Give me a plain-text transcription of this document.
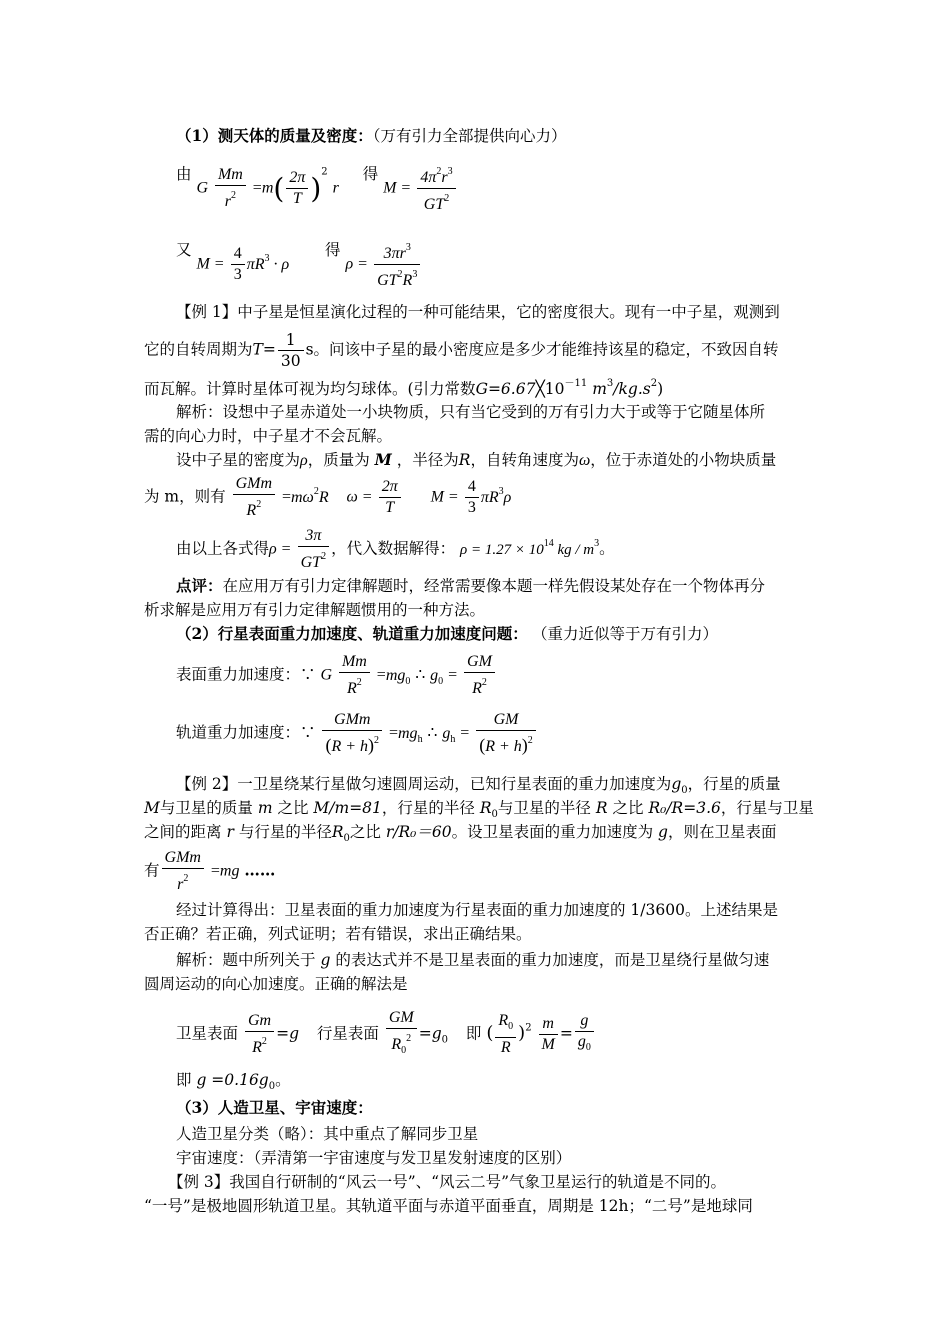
（1）测天体的质量及密度：（万有引力全部提供向心力）
由 G $\frac{Mm}{r^2} =m( \frac{2\pi}{T} )^2$ r  得 $M = \frac{4\pi^2r^3}{GT^2}$
又 $M = \frac{4}{3} \pi R^3 \cdot \rho$  得 $\rho = \frac{3\pi r^3}{GT^2R^3}$
【例 1】中子星是恒星演化过程的一种可能结果，它的密度很大。现有一中子星，观测到
它的自转周期为$T= \frac{1}{30}$ s。问该中子星的最小密度应是多少才能维持该星的稳定，不致因自转
而瓦解。计算时星体可视为均匀球体。(引力常数$G=6.67╳10^{-11}$ $m^3/kg.s^2$)
解析：设想中子星赤道处一小块物质，只有当它受到的万有引力大于或等于它随星体所
需的向心力时，中子星才不会瓦解。
设中子星的密度为ρ，质量为 M ，半径为R，自转角速度为ω，位于赤道处的小物块质量
为 m，则有 $\frac{\text{GMm}}{R^2} =m\omega^2R$ $\omega = \frac{2\pi}{T}$ $M = \frac{4}{3} \pi R^3\rho$
由以上各式得$\rho = \frac{3\pi}{GT^2}$ ，代入数据解得： $\rho = 1.27 \times 10^{14}$ kg / $m^3$。
点评：在应用万有引力定律解题时，经常需要像本题一样先假设某处存在一个物体再分
析求解是应用万有引力定律解题惯用的一种方法。
（2）行星表面重力加速度、轨道重力加速度问题： （重力近似等于万有引力）
表面重力加速度：∵ G $\frac{Mm}{R^2} =mg_0$ ∴ $g_0 = \frac{GM}{R^2}$
轨道重力加速度：∵ $\frac{\text{GMm}}{(R + h)^2} =mg_h$ ∴ $g_h = \frac{GM}{(R + h)^2}$
【例 2】一卫星绕某行星做匀速圆周运动，已知行星表面的重力加速度为$g_0$，行星的质量
M与卫星的质量 m 之比 M/m=81，行星的半径 $R_0$与卫星的半径 R 之比 R₀/R=3.6，行星与卫星
之间的距离 r 与行星的半径$R_0$之比 r/R₀＝60。设卫星表面的重力加速度为 g，则在卫星表面
有 $\frac{\text{GMm}}{r^2} =mg$ ……
经过计算得出：卫星表面的重力加速度为行星表面的重力加速度的 1/3600。上述结果是
否正确？若正确，列式证明；若有错误，求出正确结果。
解析：题中所列关于 g 的表达式并不是卫星表面的重力加速度，而是卫星绕行星做匀速
圆周运动的向心加速度。正确的解法是
卫星表面 $\frac{Gm}{R^2} =g$ 行星表面 $\frac{GM}{R_0^2} =g_0$ 即 ( $\frac{R_0}{R} )^2 \frac{m}{M} = \frac{g}{g_0}$
即 $g =0.16g_0$。
（3）人造卫星、宇宙速度：
人造卫星分类（略）：其中重点了解同步卫星
宇宙速度：（弄清第一宇宙速度与发卫星发射速度的区别）
【例 3】我国自行研制的“风云一号”、“风云二号”气象卫星运行的轨道是不同的。
“一号”是极地圆形轨道卫星。其轨道平面与赤道平面垂直，周期是 12h；“二号”是地球同
